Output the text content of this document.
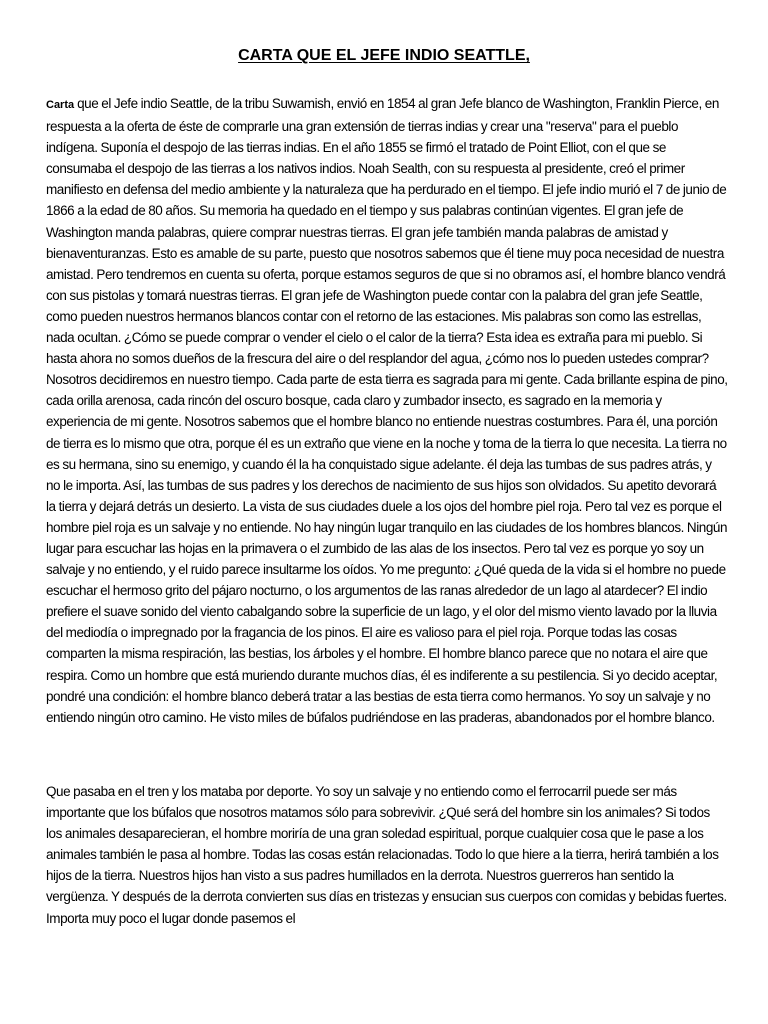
CARTA QUE EL JEFE INDIO SEATTLE,

Carta que el Jefe indio Seattle, de la tribu Suwamish, envió en 1854 al gran Jefe blanco de Washington, Franklin Pierce, en respuesta a la oferta de éste de comprarle una gran extensión de tierras indias y crear una "reserva" para el pueblo indígena. Suponía el despojo de las tierras indias. En el año 1855 se firmó el tratado de Point Elliot, con el que se consumaba el despojo de las tierras a los nativos indios. Noah Sealth, con su respuesta al presidente, creó el primer manifiesto en defensa del medio ambiente y la naturaleza que ha perdurado en el tiempo. El jefe indio murió el 7 de junio de 1866 a la edad de 80 años. Su memoria ha quedado en el tiempo y sus palabras continúan vigentes. El gran jefe de Washington manda palabras, quiere comprar nuestras tierras. El gran jefe también manda palabras de amistad y bienaventuranzas. Esto es amable de su parte, puesto que nosotros sabemos que él tiene muy poca necesidad de nuestra amistad. Pero tendremos en cuenta su oferta, porque estamos seguros de que si no obramos así, el hombre blanco vendrá con sus pistolas y tomará nuestras tierras. El gran jefe de Washington puede contar con la palabra del gran jefe Seattle, como pueden nuestros hermanos blancos contar con el retorno de las estaciones. Mis palabras son como las estrellas, nada ocultan. ¿Cómo se puede comprar o vender el cielo o el calor de la tierra? Esta idea es extraña para mi pueblo. Si hasta ahora no somos dueños de la frescura del aire o del resplandor del agua, ¿cómo nos lo pueden ustedes comprar? Nosotros decidiremos en nuestro tiempo. Cada parte de esta tierra es sagrada para mi gente. Cada brillante espina de pino, cada orilla arenosa, cada rincón del oscuro bosque, cada claro y zumbador insecto, es sagrado en la memoria y experiencia de mi gente. Nosotros sabemos que el hombre blanco no entiende nuestras costumbres. Para él, una porción de tierra es lo mismo que otra, porque él es un extraño que viene en la noche y toma de la tierra lo que necesita. La tierra no es su hermana, sino su enemigo, y cuando él la ha conquistado sigue adelante. él deja las tumbas de sus padres atrás, y no le importa. Así, las tumbas de sus padres y los derechos de nacimiento de sus hijos son olvidados. Su apetito devorará la tierra y dejará detrás un desierto. La vista de sus ciudades duele a los ojos del hombre piel roja. Pero tal vez es porque el hombre piel roja es un salvaje y no entiende. No hay ningún lugar tranquilo en las ciudades de los hombres blancos. Ningún lugar para escuchar las hojas en la primavera o el zumbido de las alas de los insectos. Pero tal vez es porque yo soy un salvaje y no entiendo, y el ruido parece insultarme los oídos. Yo me pregunto: ¿Qué queda de la vida si el hombre no puede escuchar el hermoso grito del pájaro nocturno, o los argumentos de las ranas alrededor de un lago al atardecer? El indio prefiere el suave sonido del viento cabalgando sobre la superficie de un lago, y el olor del mismo viento lavado por la lluvia del mediodía o impregnado por la fragancia de los pinos. El aire es valioso para el piel roja. Porque todas las cosas comparten la misma respiración, las bestias, los árboles y el hombre. El hombre blanco parece que no notara el aire que respira. Como un hombre que está muriendo durante muchos días, él es indiferente a su pestilencia. Si yo decido aceptar, pondré una condición: el hombre blanco deberá tratar a las bestias de esta tierra como hermanos. Yo soy un salvaje y no entiendo ningún otro camino. He visto miles de búfalos pudriéndose en las praderas, abandonados por el hombre blanco.

Que pasaba en el tren y los mataba por deporte. Yo soy un salvaje y no entiendo como el ferrocarril puede ser más importante que los búfalos que nosotros matamos sólo para sobrevivir. ¿Qué será del hombre sin los animales? Si todos los animales desaparecieran, el hombre moriría de una gran soledad espiritual, porque cualquier cosa que le pase a los animales también le pasa al hombre. Todas las cosas están relacionadas. Todo lo que hiere a la tierra, herirá también a los hijos de la tierra. Nuestros hijos han visto a sus padres humillados en la derrota. Nuestros guerreros han sentido la vergüenza. Y después de la derrota convierten sus días en tristezas y ensucian sus cuerpos con comidas y bebidas fuertes. Importa muy poco el lugar donde pasemos el
